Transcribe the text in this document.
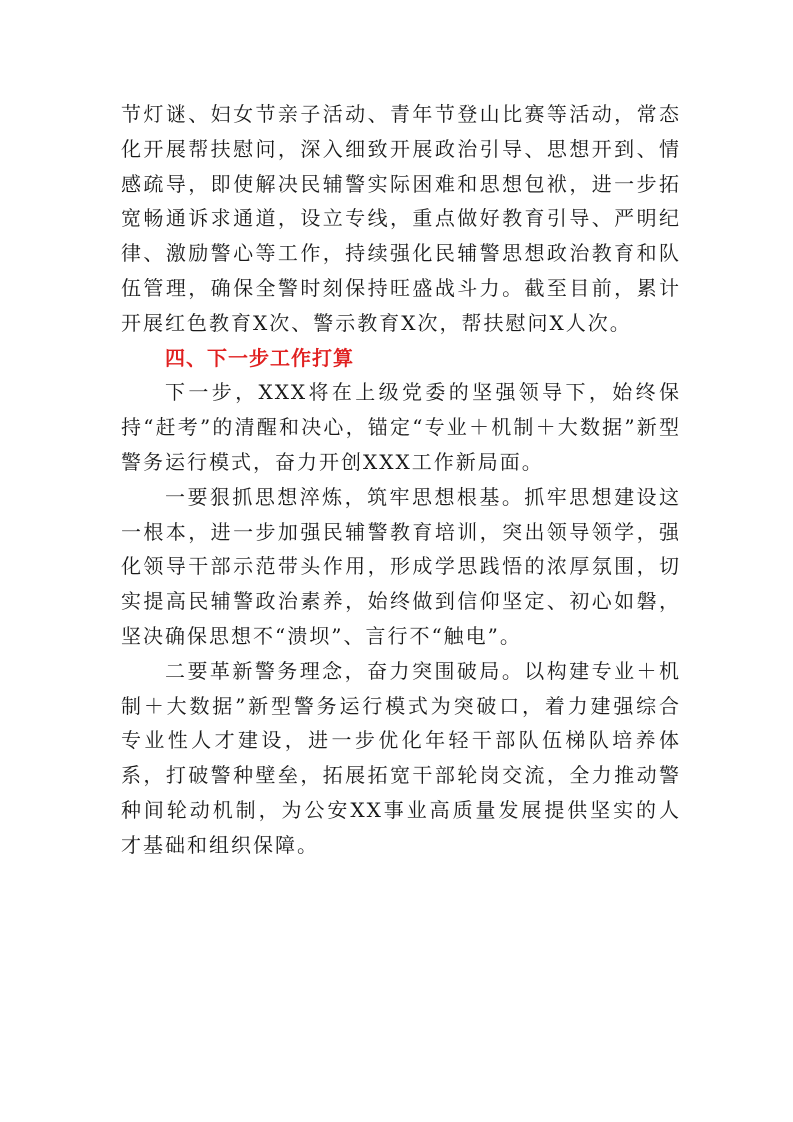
节灯谜、妇女节亲子活动、青年节登山比赛等活动，常态化开展帮扶慰问，深入细致开展政治引导、思想开到、情感疏导，即使解决民辅警实际困难和思想包袱，进一步拓宽畅通诉求通道，设立专线，重点做好教育引导、严明纪律、激励警心等工作，持续强化民辅警思想政治教育和队伍管理，确保全警时刻保持旺盛战斗力。截至目前，累计开展红色教育X次、警示教育X次，帮扶慰问X人次。

四、下一步工作打算

下一步，XXX将在上级党委的坚强领导下，始终保持“赶考”的清醒和决心，锚定“专业＋机制＋大数据”新型警务运行模式，奋力开创XXX工作新局面。

一要狠抓思想淬炼，筑牢思想根基。抓牢思想建设这一根本，进一步加强民辅警教育培训，突出领导领学，强化领导干部示范带头作用，形成学思践悟的浓厚氛围，切实提高民辅警政治素养，始终做到信仰坚定、初心如磐，坚决确保思想不“溃坝”、言行不“触电”。

二要革新警务理念，奋力突围破局。以构建专业＋机制＋大数据”新型警务运行模式为突破口，着力建强综合专业性人才建设，进一步优化年轻干部队伍梯队培养体系，打破警种壁垒，拓展拓宽干部轮岗交流，全力推动警种间轮动机制，为公安XX事业高质量发展提供坚实的人才基础和组织保障。
